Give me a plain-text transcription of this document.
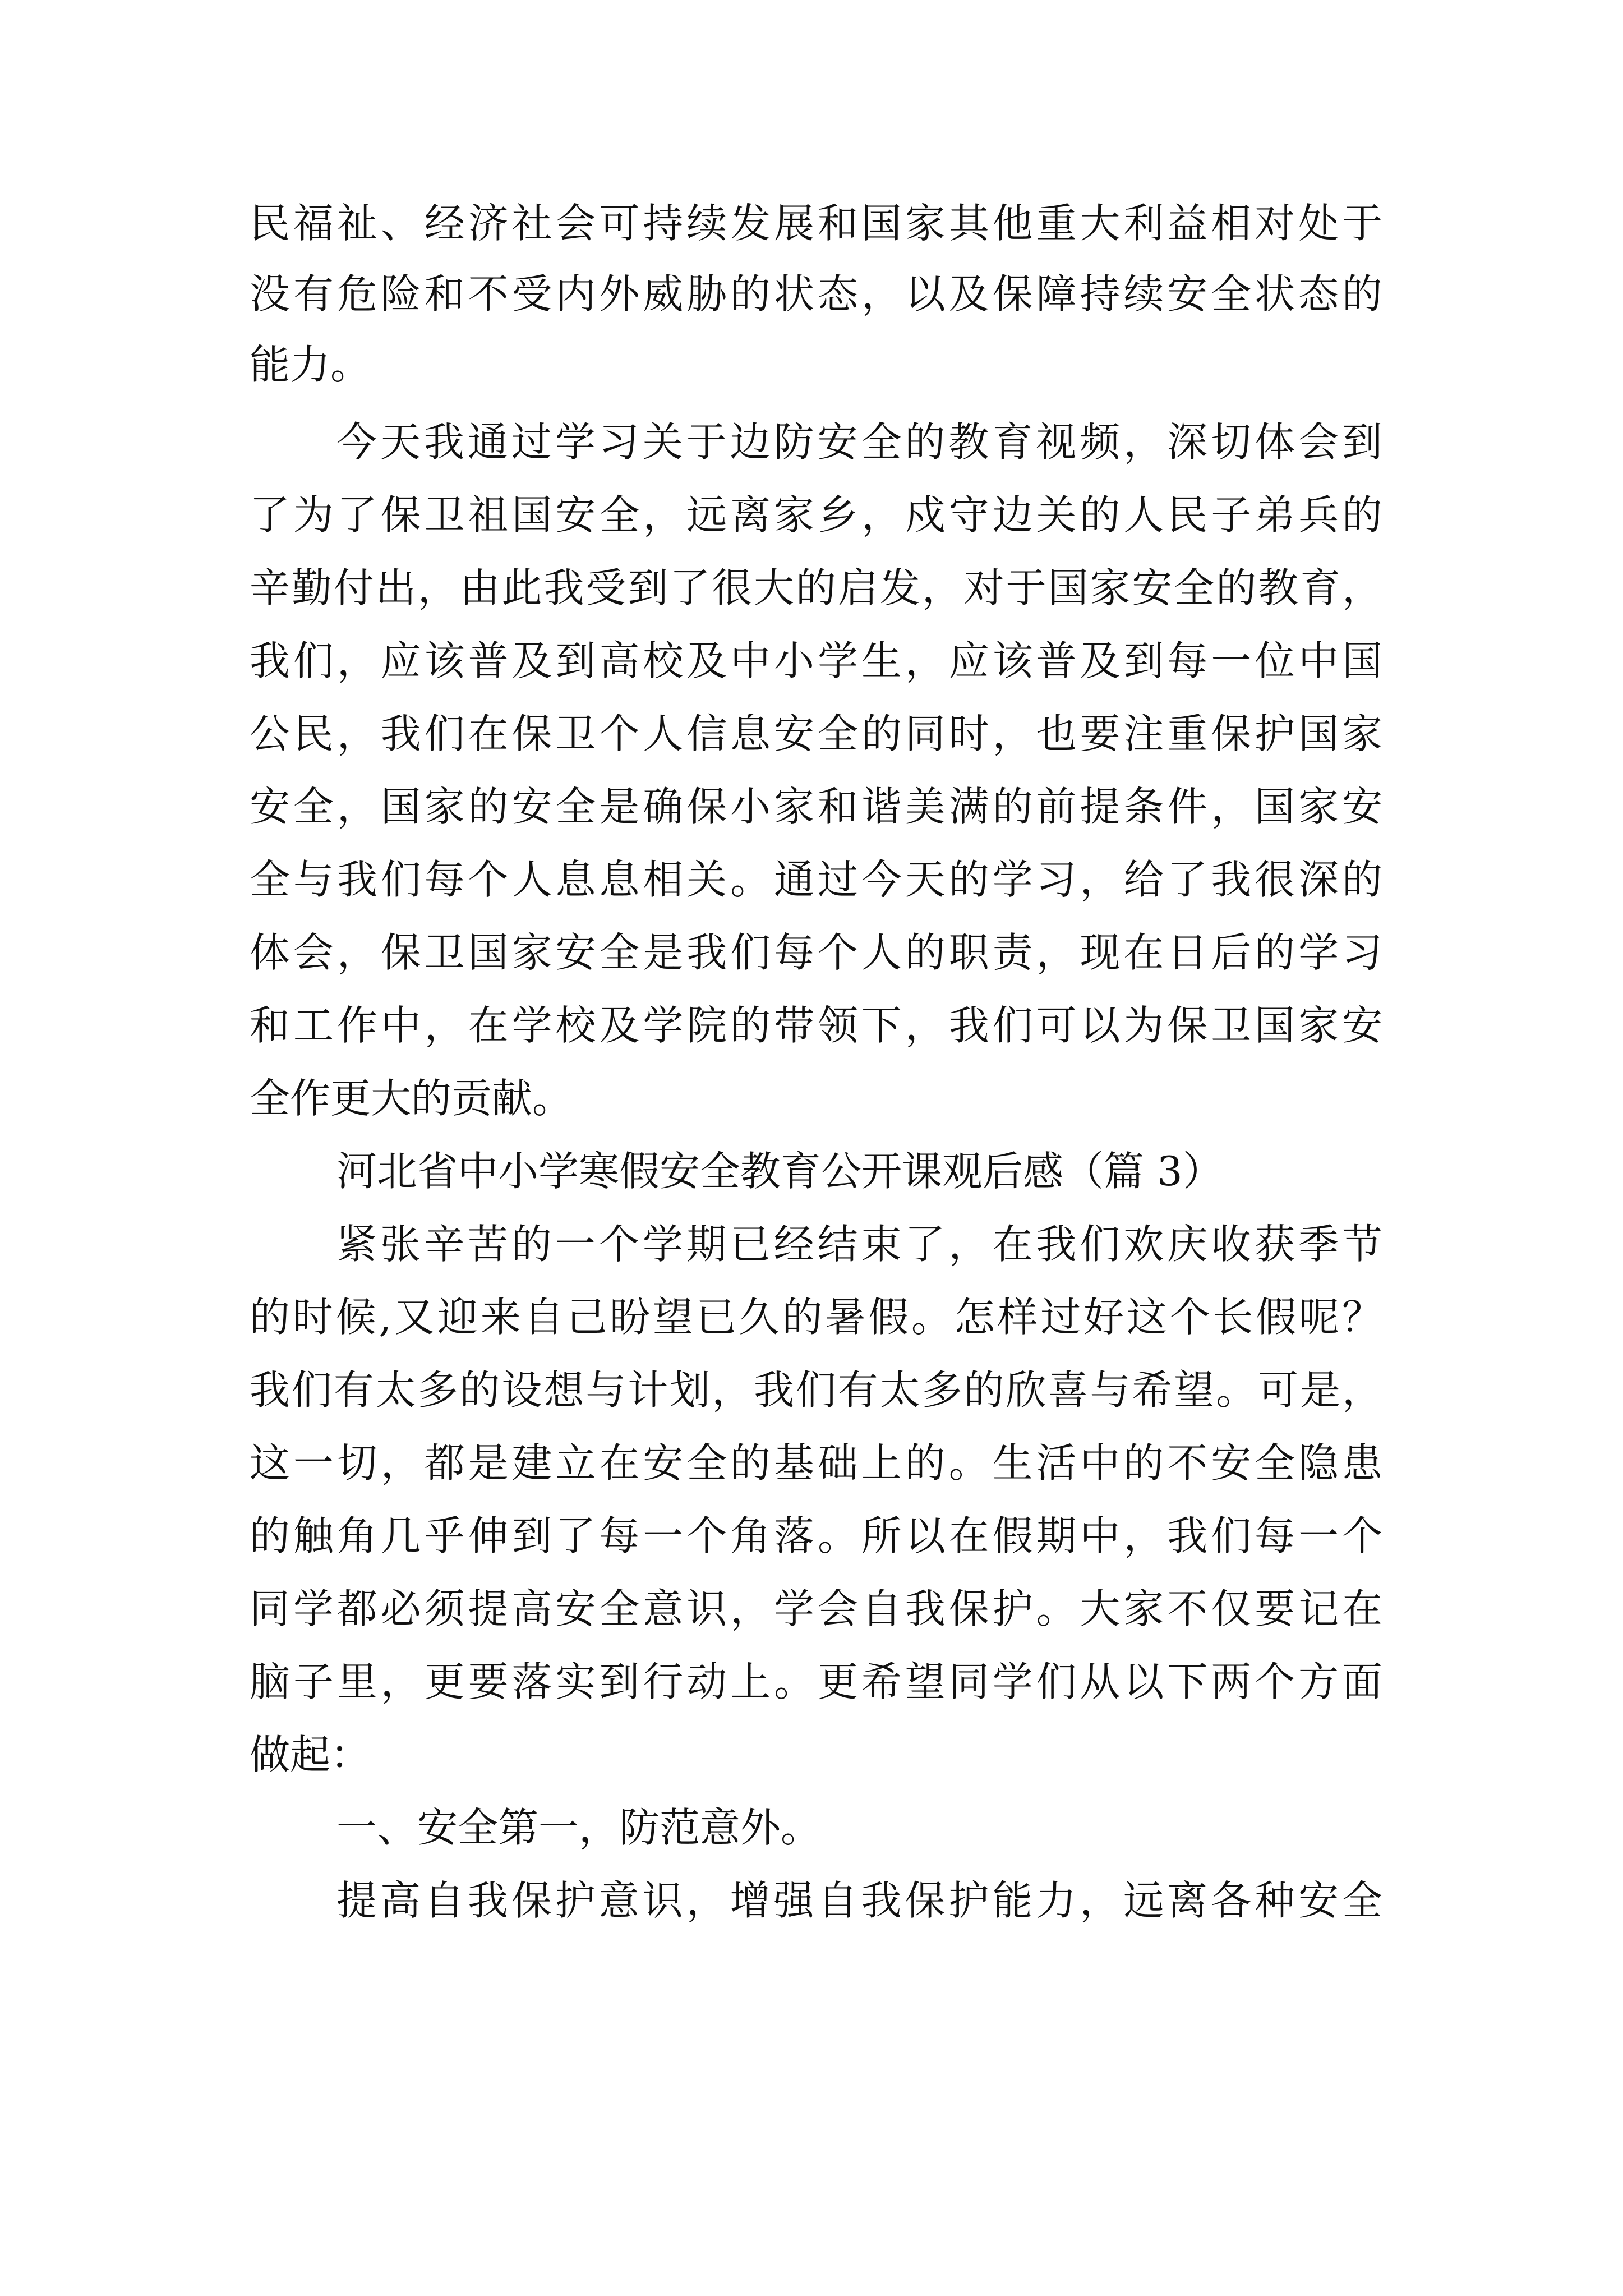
民福祉、经济社会可持续发展和国家其他重大利益相对处于
没有危险和不受内外威胁的状态，以及保障持续安全状态的
能力。
今天我通过学习关于边防安全的教育视频，深切体会到
了为了保卫祖国安全，远离家乡，戍守边关的人民子弟兵的
辛勤付出，由此我受到了很大的启发，对于国家安全的教育，
我们，应该普及到高校及中小学生，应该普及到每一位中国
公民，我们在保卫个人信息安全的同时，也要注重保护国家
安全，国家的安全是确保小家和谐美满的前提条件，国家安
全与我们每个人息息相关。通过今天的学习，给了我很深的
体会，保卫国家安全是我们每个人的职责，现在日后的学习
和工作中，在学校及学院的带领下，我们可以为保卫国家安
全作更大的贡献。
河北省中小学寒假安全教育公开课观后感（篇 3）
紧张辛苦的一个学期已经结束了，在我们欢庆收获季节
的时候,又迎来自己盼望已久的暑假。怎样过好这个长假呢？
我们有太多的设想与计划，我们有太多的欣喜与希望。可是，
这一切，都是建立在安全的基础上的。生活中的不安全隐患
的触角几乎伸到了每一个角落。所以在假期中，我们每一个
同学都必须提高安全意识，学会自我保护。大家不仅要记在
脑子里，更要落实到行动上。更希望同学们从以下两个方面
做起：
一、安全第一，防范意外。
提高自我保护意识，增强自我保护能力，远离各种安全
